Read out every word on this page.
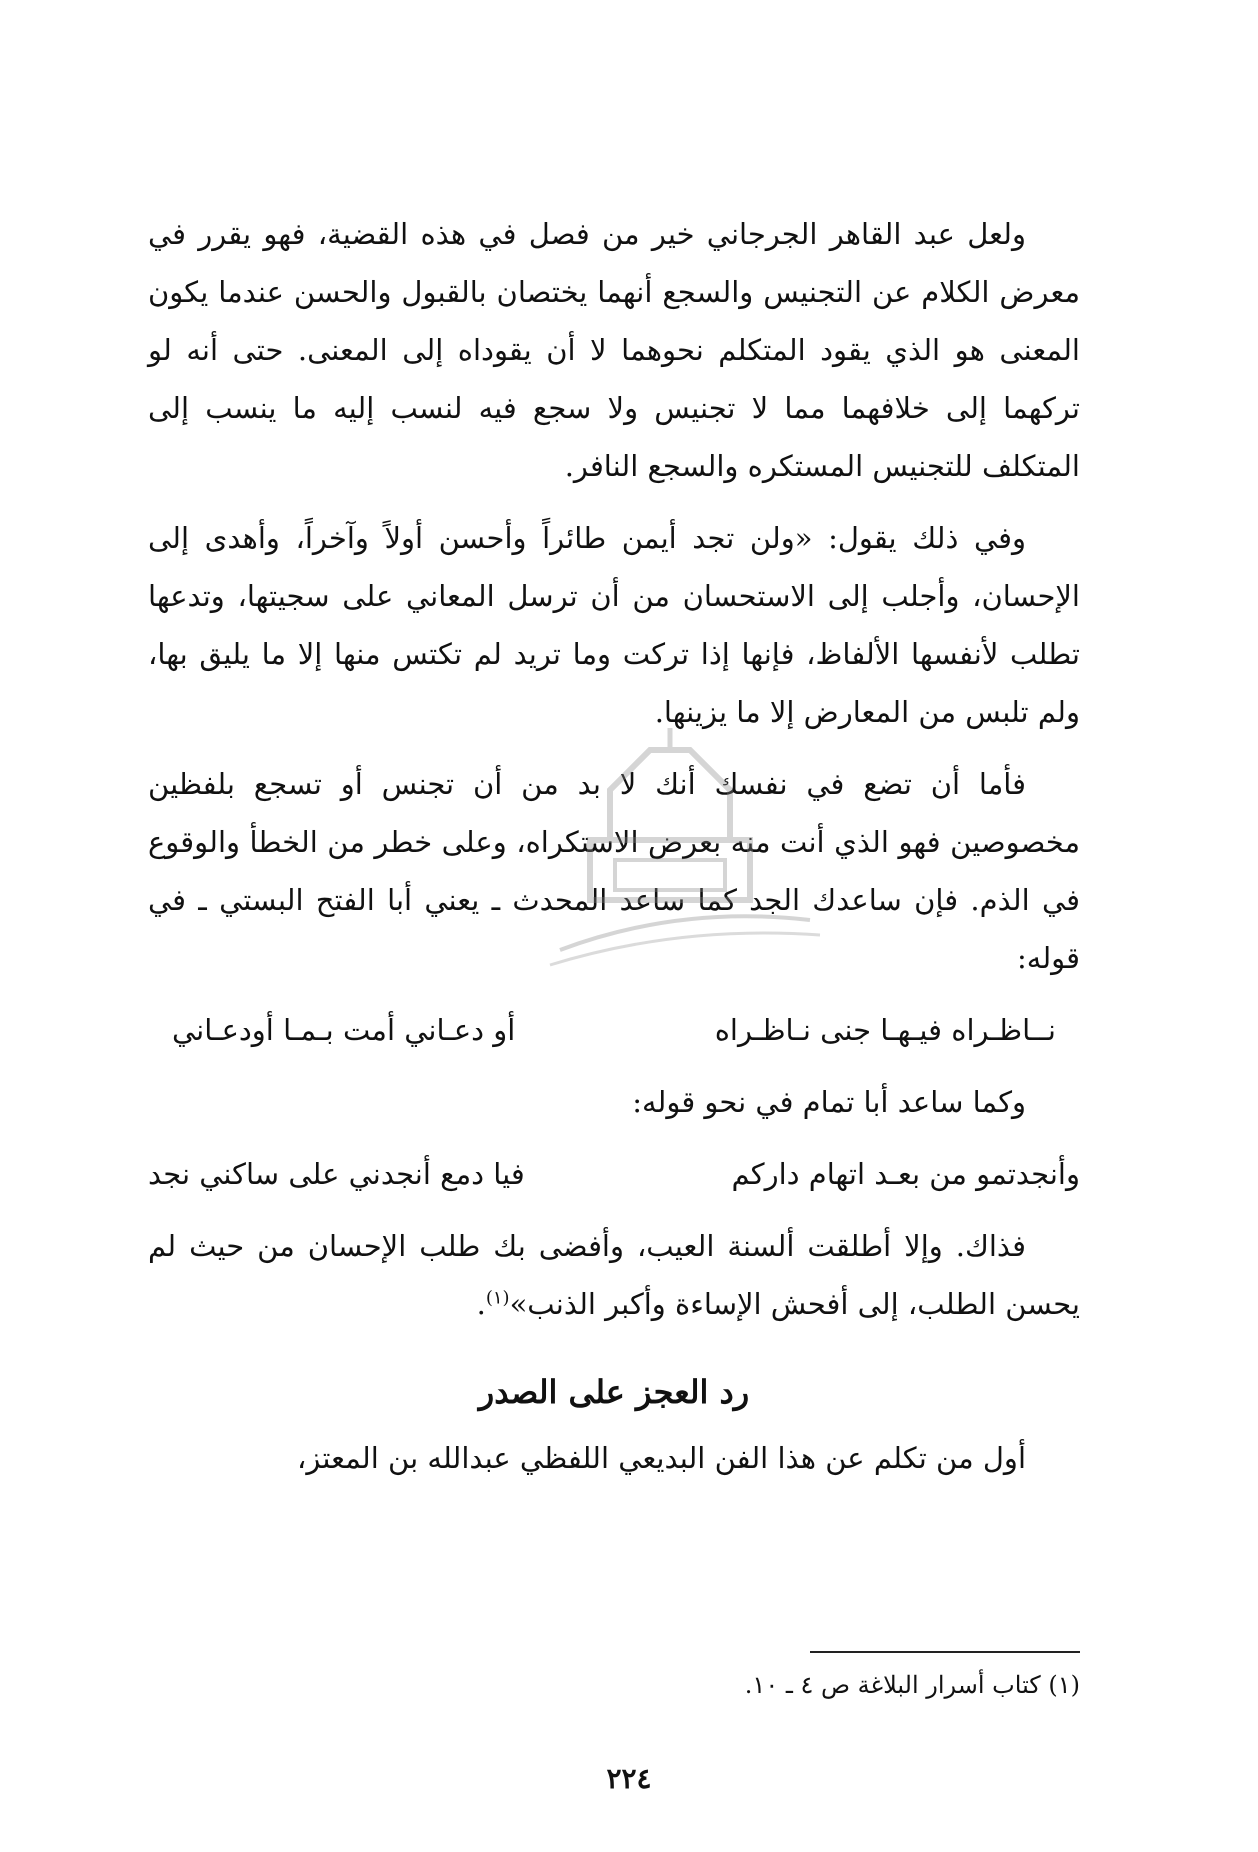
ولعل عبد القاهر الجرجاني خير من فصل في هذه القضية، فهو يقرر في معرض الكلام عن التجنيس والسجع أنهما يختصان بالقبول والحسن عندما يكون المعنى هو الذي يقود المتكلم نحوهما لا أن يقوداه إلى المعنى. حتى أنه لو تركهما إلى خلافهما مما لا تجنيس ولا سجع فيه لنسب إليه ما ينسب إلى المتكلف للتجنيس المستكره والسجع النافر.

وفي ذلك يقول: «ولن تجد أيمن طائراً وأحسن أولاً وآخراً، وأهدى إلى الإحسان، وأجلب إلى الاستحسان من أن ترسل المعاني على سجيتها، وتدعها تطلب لأنفسها الألفاظ، فإنها إذا تركت وما تريد لم تكتس منها إلا ما يليق بها، ولم تلبس من المعارض إلا ما يزينها.

فأما أن تضع في نفسك أنك لا بد من أن تجنس أو تسجع بلفظين مخصوصين فهو الذي أنت منه بعرض الاستكراه، وعلى خطر من الخطأ والوقوع في الذم. فإن ساعدك الجد كما ساعد المحدث ـ يعني أبا الفتح البستي ـ في قوله:

نــاظـراه فيـهـا جنى نـاظـراه
أو دعـاني أمت بـمـا أودعـاني

وكما ساعد أبا تمام في نحو قوله:

وأنجدتمو من بعـد اتهام داركم
فيا دمع أنجدني على ساكني نجد

فذاك. وإلا أطلقت ألسنة العيب، وأفضى بك طلب الإحسان من حيث لم يحسن الطلب، إلى أفحش الإساءة وأكبر الذنب»$^{(١)}$.

رد العجز على الصدر

أول من تكلم عن هذا الفن البديعي اللفظي عبدالله بن المعتز،

(١) كتاب أسرار البلاغة ص ٤ ـ ١٠.
٢٢٤
